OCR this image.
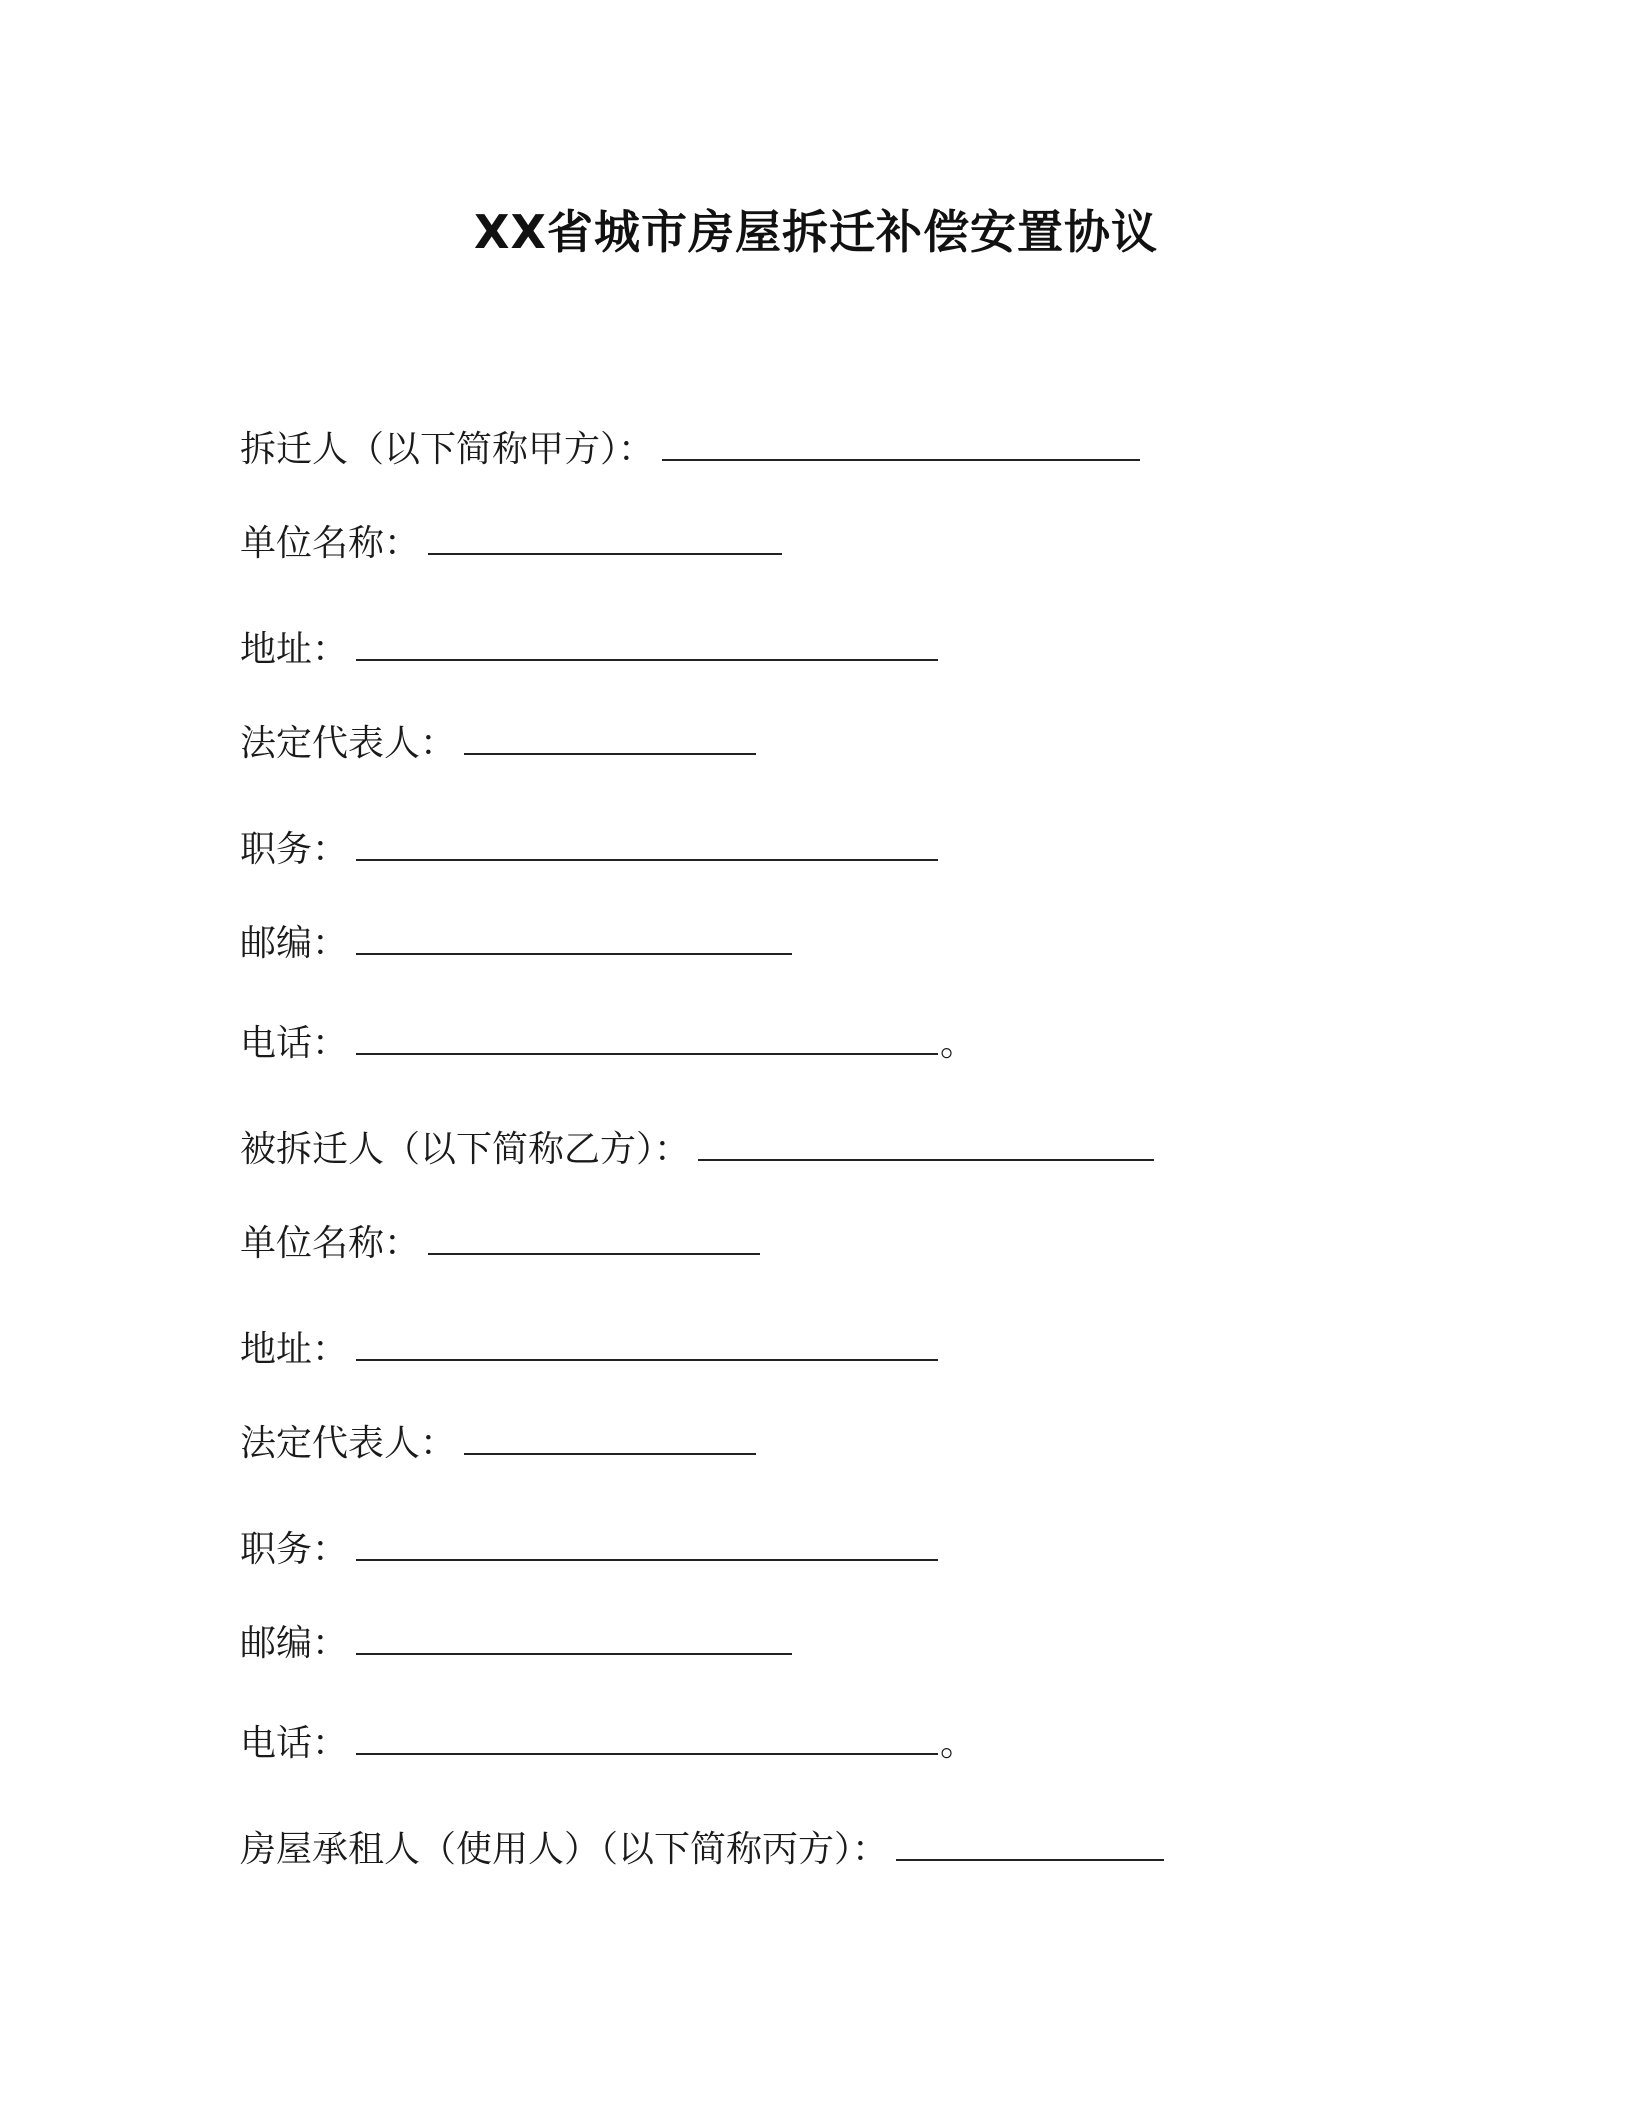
XX省城市房屋拆迁补偿安置协议
拆迁人（以下简称甲方）：
单位名称：
地址：
法定代表人：
职务：
邮编：
电话：	。
被拆迁人（以下简称乙方）：
单位名称：
地址：
法定代表人：
职务：
邮编：
电话：	。
房屋承租人（使用人）（以下简称丙方）：
